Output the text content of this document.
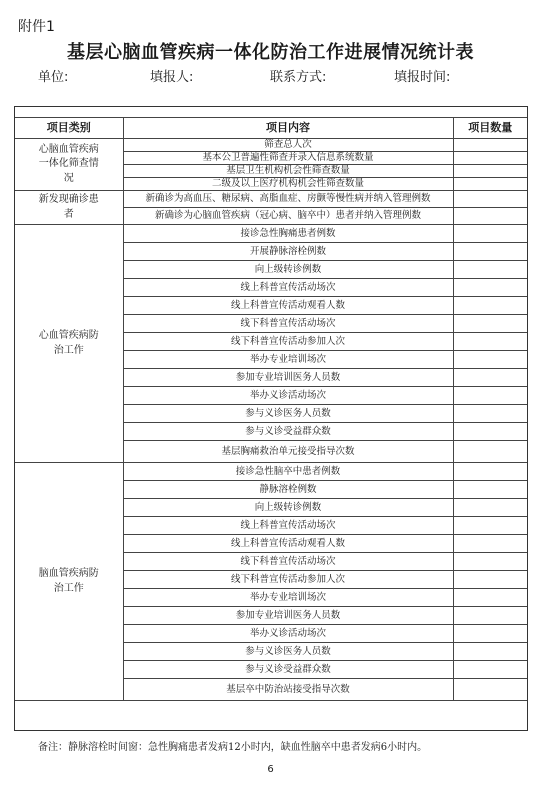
附件1
基层心脑血管疾病一体化防治工作进展情况统计表
单位:	填报人:	联系方式:	填报时间:
项目类别	项目内容	项目数量
心脑血管疾病一体化筛查情况	筛查总人次	
	基本公卫普遍性筛查并录入信息系统数量	
	基层卫生机构机会性筛查数量	
	二级及以上医疗机构机会性筛查数量	
新发现确诊患者	新确诊为高血压、糖尿病、高脂血症、房颤等慢性病并纳入管理例数	
	新确诊为心脑血管疾病（冠心病、脑卒中）患者并纳入管理例数	
心血管疾病防治工作	接诊急性胸痛患者例数	
	开展静脉溶栓例数	
	向上级转诊例数	
	线上科普宣传活动场次	
	线上科普宣传活动观看人数	
	线下科普宣传活动场次	
	线下科普宣传活动参加人次	
	举办专业培训场次	
	参加专业培训医务人员数	
	举办义诊活动场次	
	参与义诊医务人员数	
	参与义诊受益群众数	
	基层胸痛救治单元接受指导次数	
脑血管疾病防治工作	接诊急性脑卒中患者例数	
	静脉溶栓例数	
	向上级转诊例数	
	线上科普宣传活动场次	
	线上科普宣传活动观看人数	
	线下科普宣传活动场次	
	线下科普宣传活动参加人次	
	举办专业培训场次	
	参加专业培训医务人员数	
	举办义诊活动场次	
	参与义诊医务人员数	
	参与义诊受益群众数	
	基层卒中防治站接受指导次数	
备注：静脉溶栓时间窗：急性胸痛患者发病12小时内，缺血性脑卒中患者发病6小时内。
6
